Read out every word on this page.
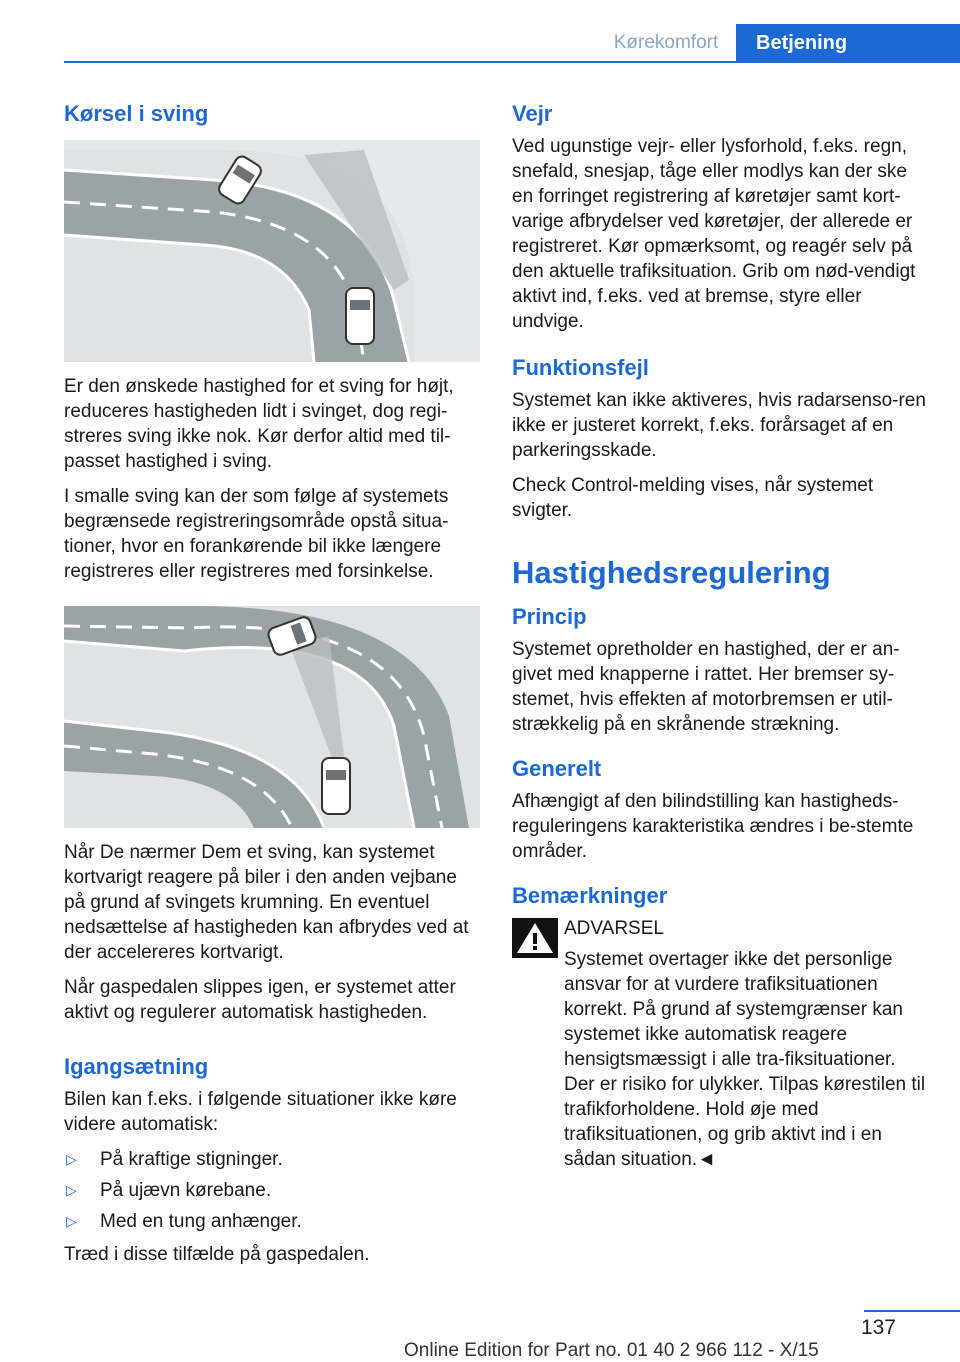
Kørekomfort	Betjening
Kørsel i sving

Er den ønskede hastighed for et sving for højt, reduceres hastigheden lidt i svinget, dog regi-streres sving ikke nok. Kør derfor altid med til-passet hastighed i sving.

I smalle sving kan der som følge af systemets begrænsede registreringsområde opstå situa-tioner, hvor en forankørende bil ikke længere registreres eller registreres med forsinkelse.

Når De nærmer Dem et sving, kan systemet kortvarigt reagere på biler i den anden vejbane på grund af svingets krumning. En eventuel nedsættelse af hastigheden kan afbrydes ved at der accelereres kortvarigt.

Når gaspedalen slippes igen, er systemet atter aktivt og regulerer automatisk hastigheden.

Igangsætning

Bilen kan f.eks. i følgende situationer ikke køre videre automatisk:

▷ På kraftige stigninger.
▷ På ujævn kørebane.
▷ Med en tung anhænger.

Træd i disse tilfælde på gaspedalen.

Vejr

Ved ugunstige vejr- eller lysforhold, f.eks. regn, snefald, snesjap, tåge eller modlys kan der ske en forringet registrering af køretøjer samt kort-varige afbrydelser ved køretøjer, der allerede er registreret. Kør opmærksomt, og reagér selv på den aktuelle trafiksituation. Grib om nød-vendigt aktivt ind, f.eks. ved at bremse, styre eller undvige.

Funktionsfejl

Systemet kan ikke aktiveres, hvis radarsenso-ren ikke er justeret korrekt, f.eks. forårsaget af en parkeringsskade.

Check Control-melding vises, når systemet svigter.

Hastighedsregulering
Princip

Systemet opretholder en hastighed, der er an-givet med knapperne i rattet. Her bremser sy-stemet, hvis effekten af motorbremsen er util-strækkelig på en skrånende strækning.

Generelt

Afhængigt af den bilindstilling kan hastigheds-reguleringens karakteristika ændres i be-stemte områder.

Bemærkninger

ADVARSEL

Systemet overtager ikke det personlige ansvar for at vurdere trafiksituationen korrekt. På grund af systemgrænser kan systemet ikke automatisk reagere hensigtsmæssigt i alle tra-fiksituationer. Der er risiko for ulykker. Tilpas kørestilen til trafikforholdene. Hold øje med trafiksituationen, og grib aktivt ind i en sådan situation.◄

137
Online Edition for Part no. 01 40 2 966 112 - X/15
